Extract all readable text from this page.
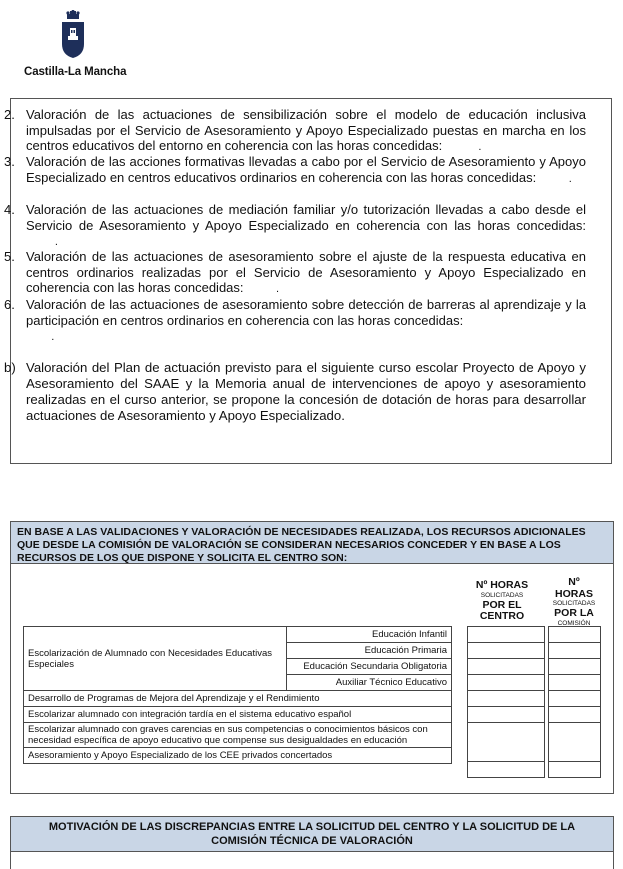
Castilla-La Mancha
2. Valoración de las actuaciones de sensibilización sobre el modelo de educación inclusiva impulsadas por el Servicio de Asesoramiento y Apoyo Especializado puestas en marcha en los centros educativos del entorno en coherencia con las horas concedidas:	.
3. Valoración de las acciones formativas llevadas a cabo por el Servicio de Asesoramiento y Apoyo Especializado en centros educativos ordinarios en coherencia con las horas concedidas:	.
4. Valoración de las actuaciones de mediación familiar y/o tutorización llevadas a cabo desde el Servicio de Asesoramiento y Apoyo Especializado en coherencia con las horas concedidas:         .
5. Valoración de las actuaciones de asesoramiento sobre el ajuste de la respuesta educativa en centros ordinarios realizadas por el Servicio de Asesoramiento y Apoyo Especializado en coherencia con las horas concedidas:	.
6. Valoración de las actuaciones de asesoramiento sobre detección de barreras al aprendizaje y la participación en centros ordinarios en coherencia con las horas concedidas:
.
b) Valoración del Plan de actuación previsto para el siguiente curso escolar Proyecto de Apoyo y Asesoramiento del SAAE y la Memoria anual de intervenciones de apoyo y asesoramiento realizadas en el curso anterior, se propone la concesión de dotación de horas para desarrollar actuaciones de Asesoramiento y Apoyo Especializado.
EN BASE A LAS VALIDACIONES Y VALORACIÓN DE NECESIDADES REALIZADA, LOS RECURSOS ADICIONALES QUE DESDE LA COMISIÓN DE VALORACIÓN SE CONSIDERAN NECESARIOS CONCEDER Y EN BASE A LOS RECURSOS DE LOS QUE DISPONE Y SOLICITA EL CENTRO SON:
Nº HORAS
SOLICITADAS
POR EL
CENTRO
Nº
HORAS
SOLICITADAS
POR LA
COMISIÓN
Escolarización de Alumnado con Necesidades Educativas Especiales	Educación Infantil
Educación Primaria
Educación Secundaria Obligatoria
Auxiliar Técnico Educativo
Desarrollo de Programas de Mejora del Aprendizaje y el Rendimiento
Escolarizar alumnado con integración tardía en el sistema educativo español
Escolarizar alumnado con graves carencias en sus competencias o conocimientos básicos con necesidad específica de apoyo educativo que compense sus desigualdades en educación
Asesoramiento y Apoyo Especializado de los CEE privados concertados
MOTIVACIÓN DE LAS DISCREPANCIAS ENTRE LA SOLICITUD DEL CENTRO Y LA SOLICITUD DE LA COMISIÓN TÉCNICA DE VALORACIÓN
